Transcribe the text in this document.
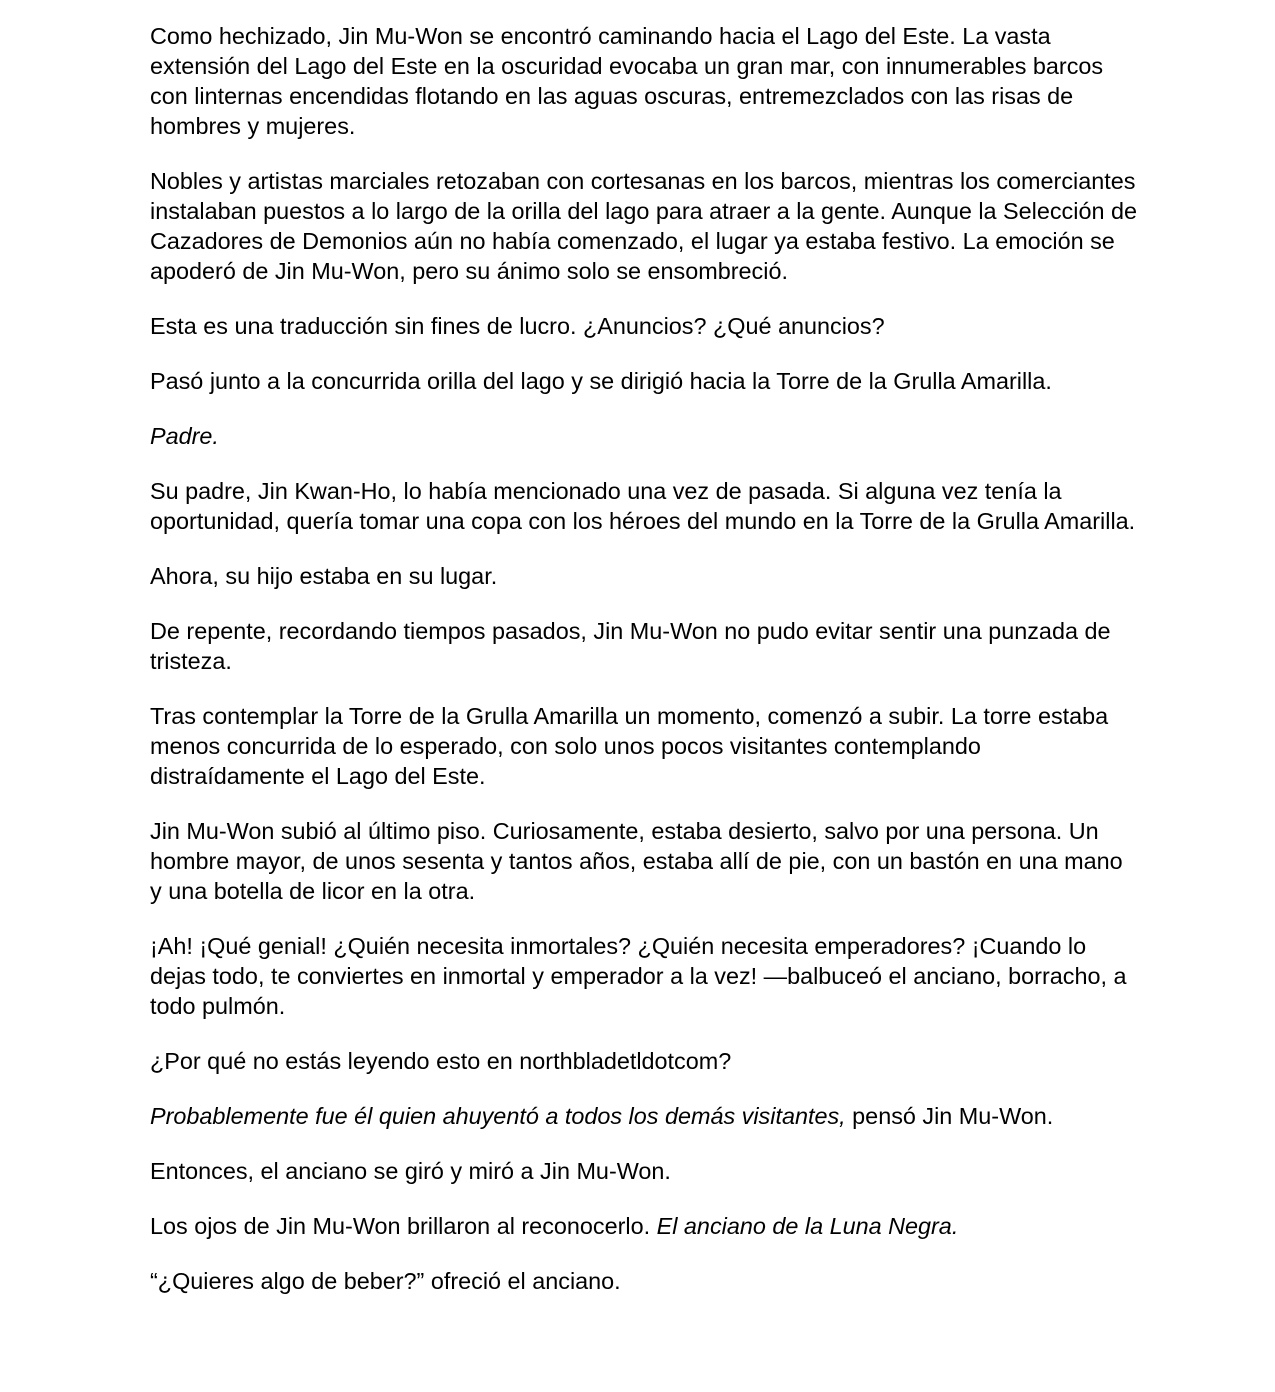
Como hechizado, Jin Mu-Won se encontró caminando hacia el Lago del Este. La vasta extensión del Lago del Este en la oscuridad evocaba un gran mar, con innumerables barcos con linternas encendidas flotando en las aguas oscuras, entremezclados con las risas de hombres y mujeres.

Nobles y artistas marciales retozaban con cortesanas en los barcos, mientras los comerciantes instalaban puestos a lo largo de la orilla del lago para atraer a la gente. Aunque la Selección de Cazadores de Demonios aún no había comenzado, el lugar ya estaba festivo. La emoción se apoderó de Jin Mu-Won, pero su ánimo solo se ensombreció.

Esta es una traducción sin fines de lucro. ¿Anuncios? ¿Qué anuncios?

Pasó junto a la concurrida orilla del lago y se dirigió hacia la Torre de la Grulla Amarilla.

Padre.

Su padre, Jin Kwan-Ho, lo había mencionado una vez de pasada. Si alguna vez tenía la oportunidad, quería tomar una copa con los héroes del mundo en la Torre de la Grulla Amarilla.

Ahora, su hijo estaba en su lugar.

De repente, recordando tiempos pasados, Jin Mu-Won no pudo evitar sentir una punzada de tristeza.

Tras contemplar la Torre de la Grulla Amarilla un momento, comenzó a subir. La torre estaba menos concurrida de lo esperado, con solo unos pocos visitantes contemplando distraídamente el Lago del Este.

Jin Mu-Won subió al último piso. Curiosamente, estaba desierto, salvo por una persona. Un hombre mayor, de unos sesenta y tantos años, estaba allí de pie, con un bastón en una mano y una botella de licor en la otra.

¡Ah! ¡Qué genial! ¿Quién necesita inmortales? ¿Quién necesita emperadores? ¡Cuando lo dejas todo, te conviertes en inmortal y emperador a la vez! —balbuceó el anciano, borracho, a todo pulmón.

¿Por qué no estás leyendo esto en northbladetldotcom?

Probablemente fue él quien ahuyentó a todos los demás visitantes, pensó Jin Mu-Won.

Entonces, el anciano se giró y miró a Jin Mu-Won.

Los ojos de Jin Mu-Won brillaron al reconocerlo. El anciano de la Luna Negra.

“¿Quieres algo de beber?” ofreció el anciano.
